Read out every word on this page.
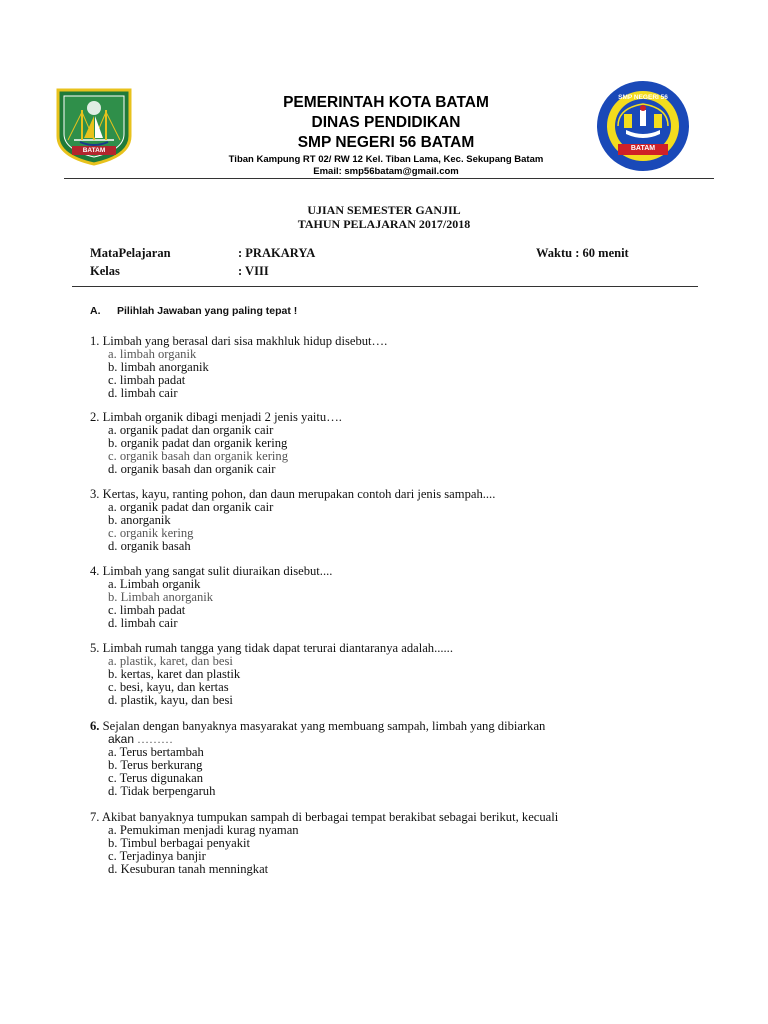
BATAM
PEMERINTAH KOTA BATAM
DINAS PENDIDIKAN
SMP NEGERI 56 BATAM
Tiban Kampung RT 02/ RW 12 Kel. Tiban Lama, Kec. Sekupang Batam
Email: smp56batam@gmail.com
SMP NEGERI 56
BATAM
UJIAN SEMESTER GANJIL
TAHUN PELAJARAN 2017/2018
MataPelajaran	: PRAKARYA	Waktu : 60 menit
Kelas	: VIII
A. Pilihlah Jawaban yang paling tepat !
1. Limbah yang berasal dari sisa makhluk hidup disebut….
a. limbah organik
b. limbah anorganik
c. limbah padat
d. limbah cair
2. Limbah organik dibagi menjadi 2 jenis yaitu….
a. organik padat dan organik cair
b. organik padat dan organik kering
c. organik basah dan organik kering
d. organik basah dan organik cair
3. Kertas, kayu, ranting pohon, dan daun merupakan contoh dari jenis sampah....
a. organik padat dan organik cair
b. anorganik
c. organik kering
d. organik basah
4. Limbah yang sangat sulit diuraikan disebut....
a. Limbah organik
b. Limbah anorganik
c. limbah padat
d. limbah cair
5. Limbah rumah tangga yang tidak dapat terurai diantaranya adalah......
a. plastik, karet, dan besi
b. kertas, karet dan plastik
c. besi, kayu, dan kertas
d. plastik, kayu, dan besi
6. Sejalan dengan banyaknya masyarakat yang membuang sampah, limbah yang dibiarkan
akan ………
a. Terus bertambah
b. Terus berkurang
c. Terus digunakan
d. Tidak berpengaruh
7. Akibat banyaknya tumpukan sampah di berbagai tempat berakibat sebagai berikut, kecuali
a. Pemukiman menjadi kurag nyaman
b. Timbul berbagai penyakit
c. Terjadinya banjir
d. Kesuburan tanah menningkat
